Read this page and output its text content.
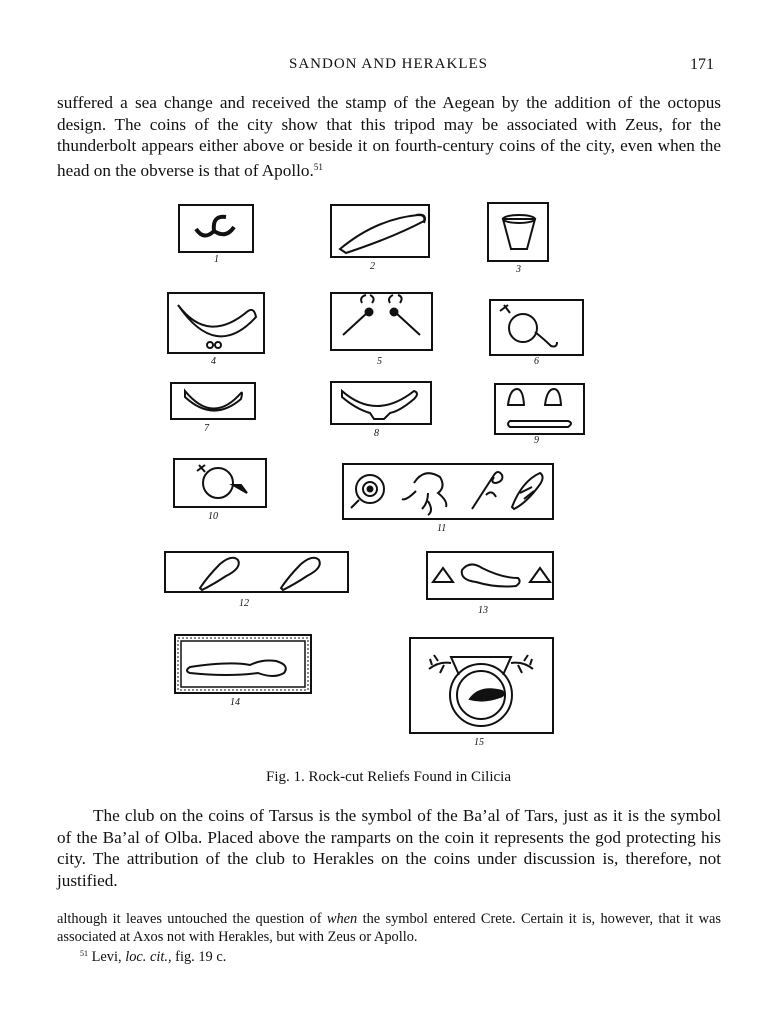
SANDON AND HERAKLES	171

suffered a sea change and received the stamp of the Aegean by the addition of the octopus design. The coins of the city show that this tripod may be associated with Zeus, for the thunderbolt appears either above or beside it on fourth-century coins of the city, even when the head on the obverse is that of Apollo.$^{51}$

1
2	3
4	5	6
7	8
9
10
11
12
13
14
15
Fig. 1. Rock-cut Reliefs Found in Cilicia

The club on the coins of Tarsus is the symbol of the Ba’al of Tars, just as it is the symbol of the Ba’al of Olba. Placed above the ramparts on the coin it represents the god protecting his city. The attribution of the club to Herakles on the coins under discussion is, therefore, not justified.

although it leaves untouched the question of when the symbol entered Crete. Certain it is, however, that it was associated at Axos not with Herakles, but with Zeus or Apollo.

$^{51}$ Levi, loc. cit., fig. 19 c.
